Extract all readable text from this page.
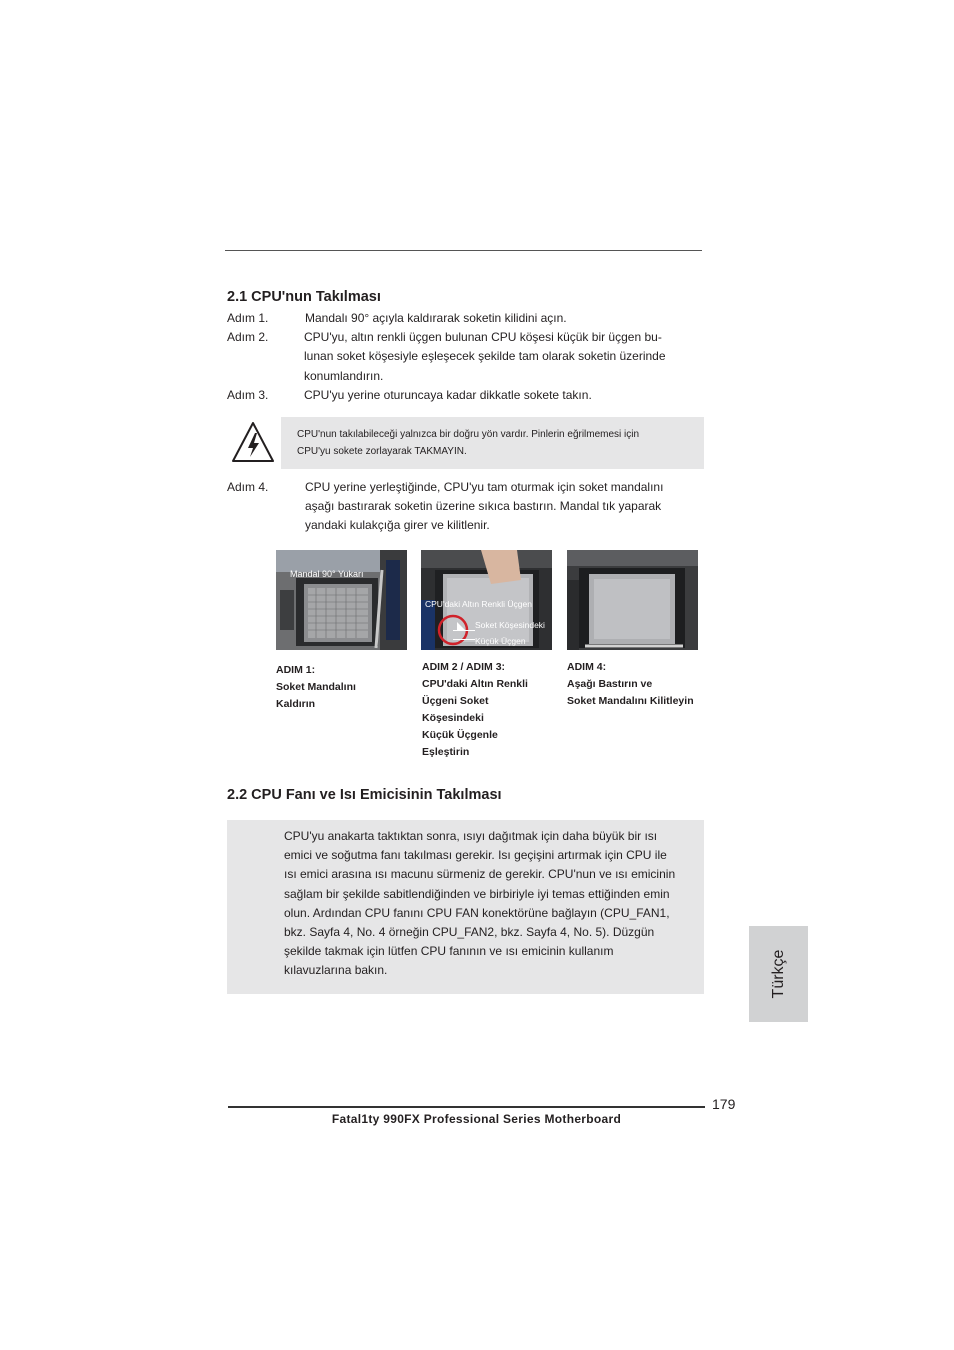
2.1 CPU'nun Takılması
Adım 1.	Mandalı 90° açıyla kaldırarak soketin kilidini açın.
Adım 2.	CPU'yu, altın renkli üçgen bulunan CPU köşesi küçük bir üçgen bu-
lunan soket köşesiyle eşleşecek şekilde tam olarak soketin üzerinde
konumlandırın.
Adım 3.	CPU'yu yerine oturuncaya kadar dikkatle sokete takın.
CPU'nun takılabileceği yalnızca bir doğru yön vardır. Pinlerin eğrilmemesi için
CPU'yu sokete zorlayarak TAKMAYIN.
Adım 4.	CPU yerine yerleştiğinde, CPU'yu tam oturmak için soket mandalını
aşağı bastırarak soketin üzerine sıkıca bastırın. Mandal tık yaparak
yandaki kulakçığa girer ve kilitlenir.
Mandal 90° Yukarı
CPU'daki Altın Renkli Üçgen
Soket Köşesindeki
Küçük Üçgen
ADIM 1:
Soket Mandalını
Kaldırın
ADIM 2 / ADIM 3:
CPU'daki Altın Renkli
Üçgeni Soket
Köşesindeki
Küçük Üçgenle
Eşleştirin
ADIM 4:
Aşağı Bastırın ve
Soket Mandalını Kilitleyin
2.2 CPU Fanı ve Isı Emicisinin Takılması
CPU'yu anakarta taktıktan sonra, ısıyı dağıtmak için daha büyük bir ısı
emici ve soğutma fanı takılması gerekir. Isı geçişini artırmak için CPU ile
ısı emici arasına ısı macunu sürmeniz de gerekir. CPU'nun ve ısı emicinin
sağlam bir şekilde sabitlendiğinden ve birbiriyle iyi temas ettiğinden emin
olun. Ardından CPU fanını CPU FAN konektörüne bağlayın (CPU_FAN1,
bkz. Sayfa 4, No. 4 örneğin CPU_FAN2, bkz. Sayfa 4, No. 5). Düzgün
şekilde takmak için lütfen CPU fanının ve ısı emicinin kullanım
kılavuzlarına bakın.	Türkçe
179
Fatal1ty 990FX Professional Series Motherboard
